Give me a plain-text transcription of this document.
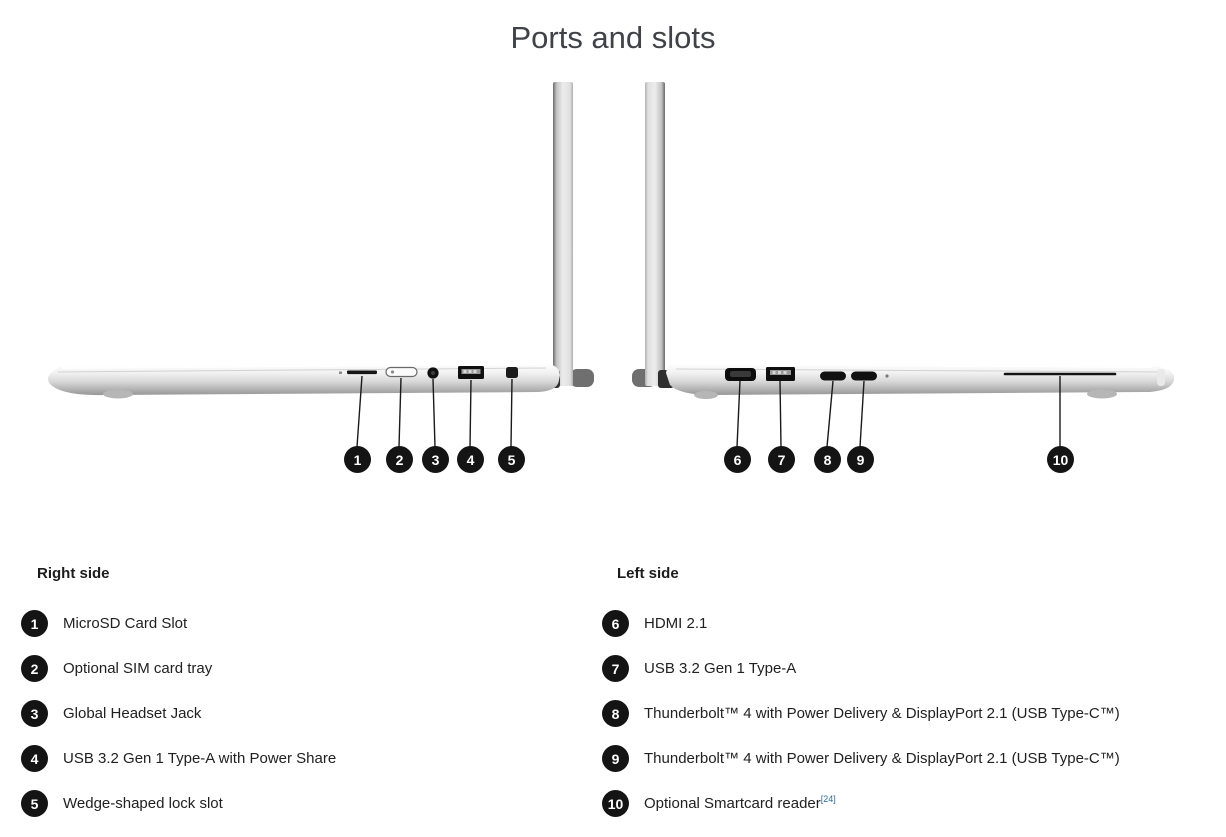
Ports and slots
1	2	3	4	5	6	7	8	9	10
Right side
1	MicroSD Card Slot
2	Optional SIM card tray
3	Global Headset Jack
4	USB 3.2 Gen 1 Type-A with Power Share
5	Wedge-shaped lock slot
Left side
6	HDMI 2.1
7	USB 3.2 Gen 1 Type-A
8	Thunderbolt™ 4 with Power Delivery & DisplayPort 2.1 (USB Type-C™)
9	Thunderbolt™ 4 with Power Delivery & DisplayPort 2.1 (USB Type-C™)
10	Optional Smartcard reader[24]
